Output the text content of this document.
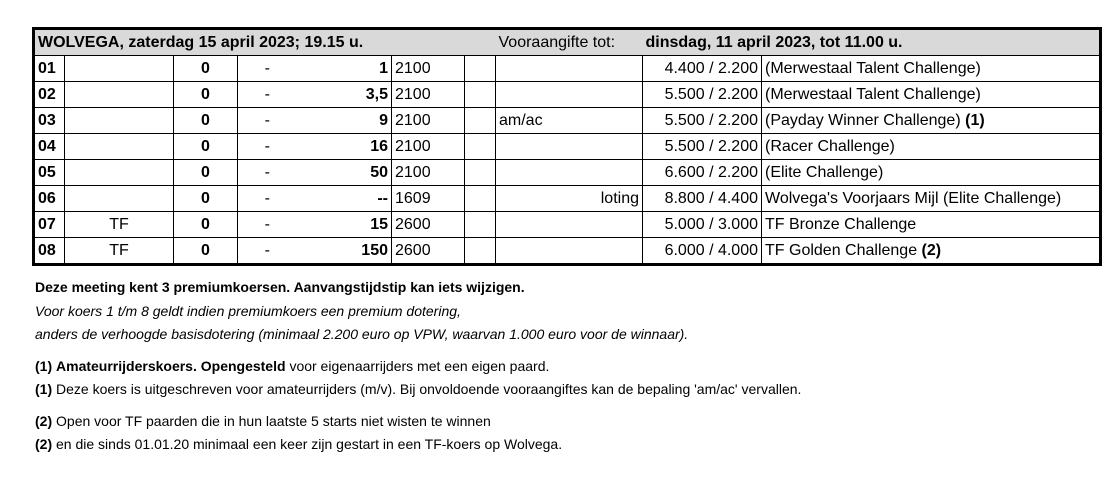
WOLVEGA, zaterdag 15 april 2023; 19.15 u.							Vooraangifte tot:	dinsdag, 11 april 2023, tot 11.00 u.	
01		0	-	1	2100			4.400 / 2.200	(Merwestaal Talent Challenge)
02		0	-	3,5	2100			5.500 / 2.200	(Merwestaal Talent Challenge)
03		0	-	9	2100		am/ac	5.500 / 2.200	(Payday Winner Challenge) (1)
04		0	-	16	2100			5.500 / 2.200	(Racer Challenge)
05		0	-	50	2100			6.600 / 2.200	(Elite Challenge)
06		0	-	--	1609		loting	8.800 / 4.400	Wolvega's Voorjaars Mijl (Elite Challenge)
07	TF	0	-	15	2600			5.000 / 3.000	TF Bronze Challenge
08	TF	0	-	150	2600			6.000 / 4.000	TF Golden Challenge (2)
Deze meeting kent 3 premiumkoersen. Aanvangstijdstip kan iets wijzigen.
Voor koers 1 t/m 8 geldt indien premiumkoers een premium dotering,
anders de verhoogde basisdotering (minimaal 2.200 euro op VPW, waarvan 1.000 euro voor de winnaar).
(1) Amateurrijderskoers. Opengesteld voor eigenaarrijders met een eigen paard.
(1) Deze koers is uitgeschreven voor amateurrijders (m/v). Bij onvoldoende vooraangiftes kan de bepaling 'am/ac' vervallen.
(2) Open voor TF paarden die in hun laatste 5 starts niet wisten te winnen
(2) en die sinds 01.01.20 minimaal een keer zijn gestart in een TF-koers op Wolvega.
